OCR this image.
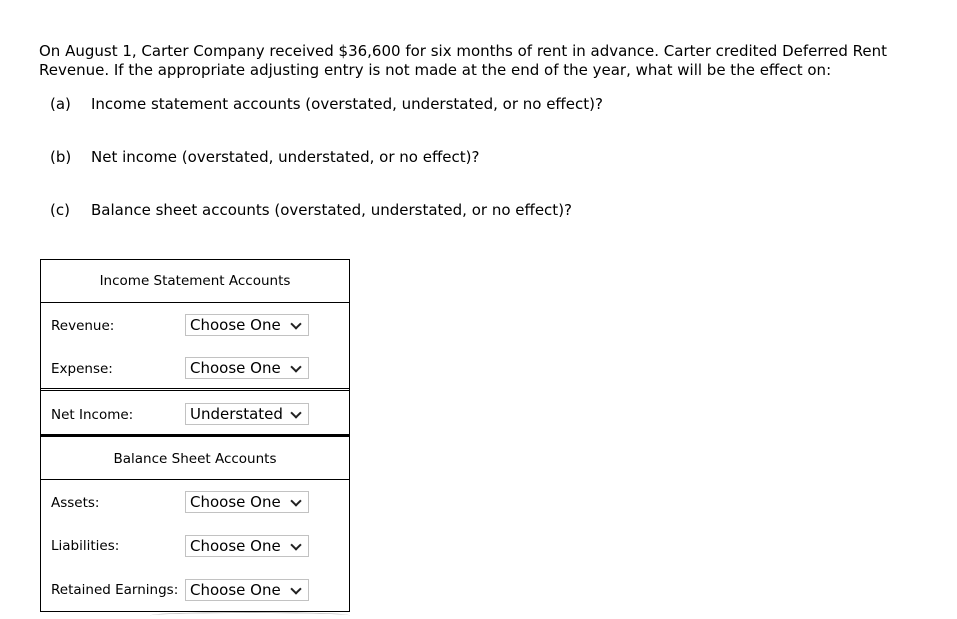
On August 1, Carter Company received $36,600 for six months of rent in advance. Carter credited Deferred Rent Revenue. If the appropriate adjusting entry is not made at the end of the year, what will be the effect on:
(a) Income statement accounts (overstated, understated, or no effect)?
(b) Net income (overstated, understated, or no effect)?
(c) Balance sheet accounts (overstated, understated, or no effect)?
Income Statement Accounts
Revenue:	Choose One
Expense:	Choose One
Net Income:	Understated
Balance Sheet Accounts
Assets:	Choose One
Liabilities:	Choose One
Retained Earnings: Choose One
